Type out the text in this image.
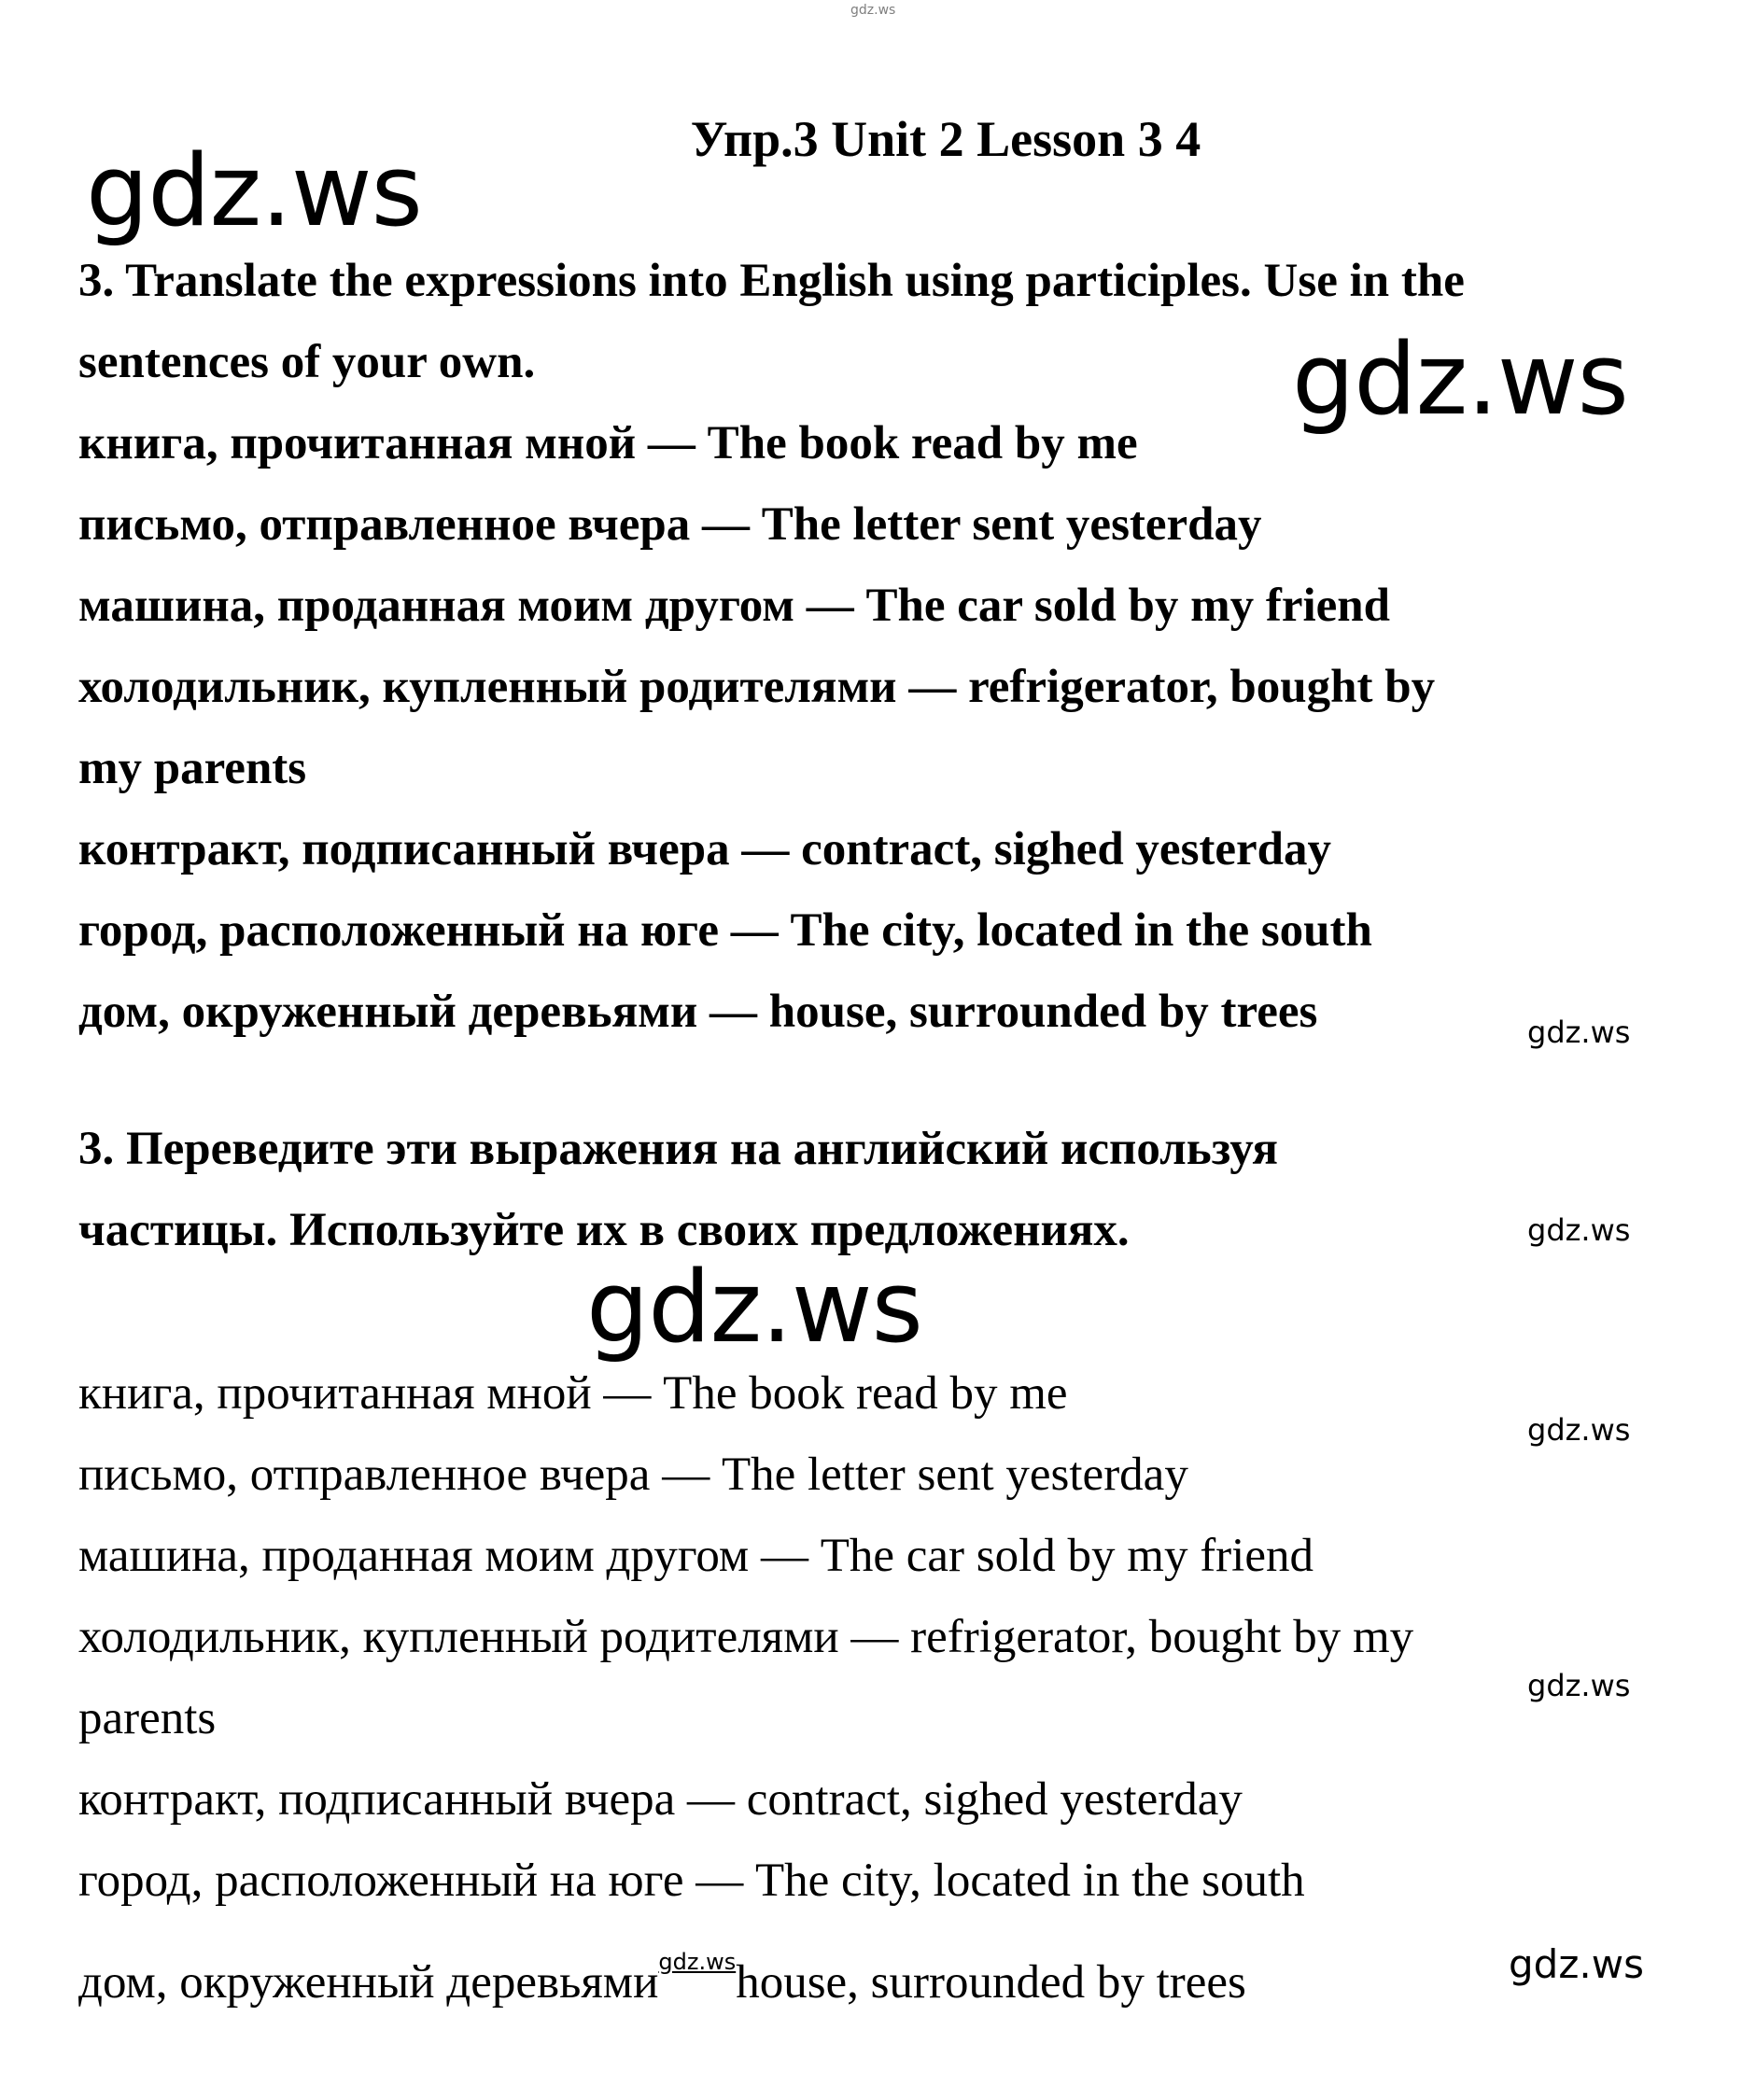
gdz.ws
gdz.ws
gdz.ws
gdz.ws
gdz.ws
gdz.ws
gdz.ws
gdz.ws
gdz.ws
Упр.3 Unit 2 Lesson 3 4
3. Translate the expressions into English using participles. Use in the
sentences of your own.
книга, прочитанная мной — The book read by me
письмо, отправленное вчера — The letter sent yesterday
машина, проданная моим другом — The car sold by my friend
холодильник, купленный родителями — refrigerator, bought by
my parents
контракт, подписанный вчера — contract, sighed yesterday
город, расположенный на юге — The city, located in the south
дом, окруженный деревьями — house, surrounded by trees
3. Переведите эти выражения на английский используя
частицы. Используйте их в своих предложениях.
книга, прочитанная мной — The book read by me
письмо, отправленное вчера — The letter sent yesterday
машина, проданная моим другом — The car sold by my friend
холодильник, купленный родителями — refrigerator, bought by my
parents
контракт, подписанный вчера — contract, sighed yesterday
город, расположенный на юге — The city, located in the south
дом, окруженный деревьями$^{gdz.ws}$house, surrounded by trees
